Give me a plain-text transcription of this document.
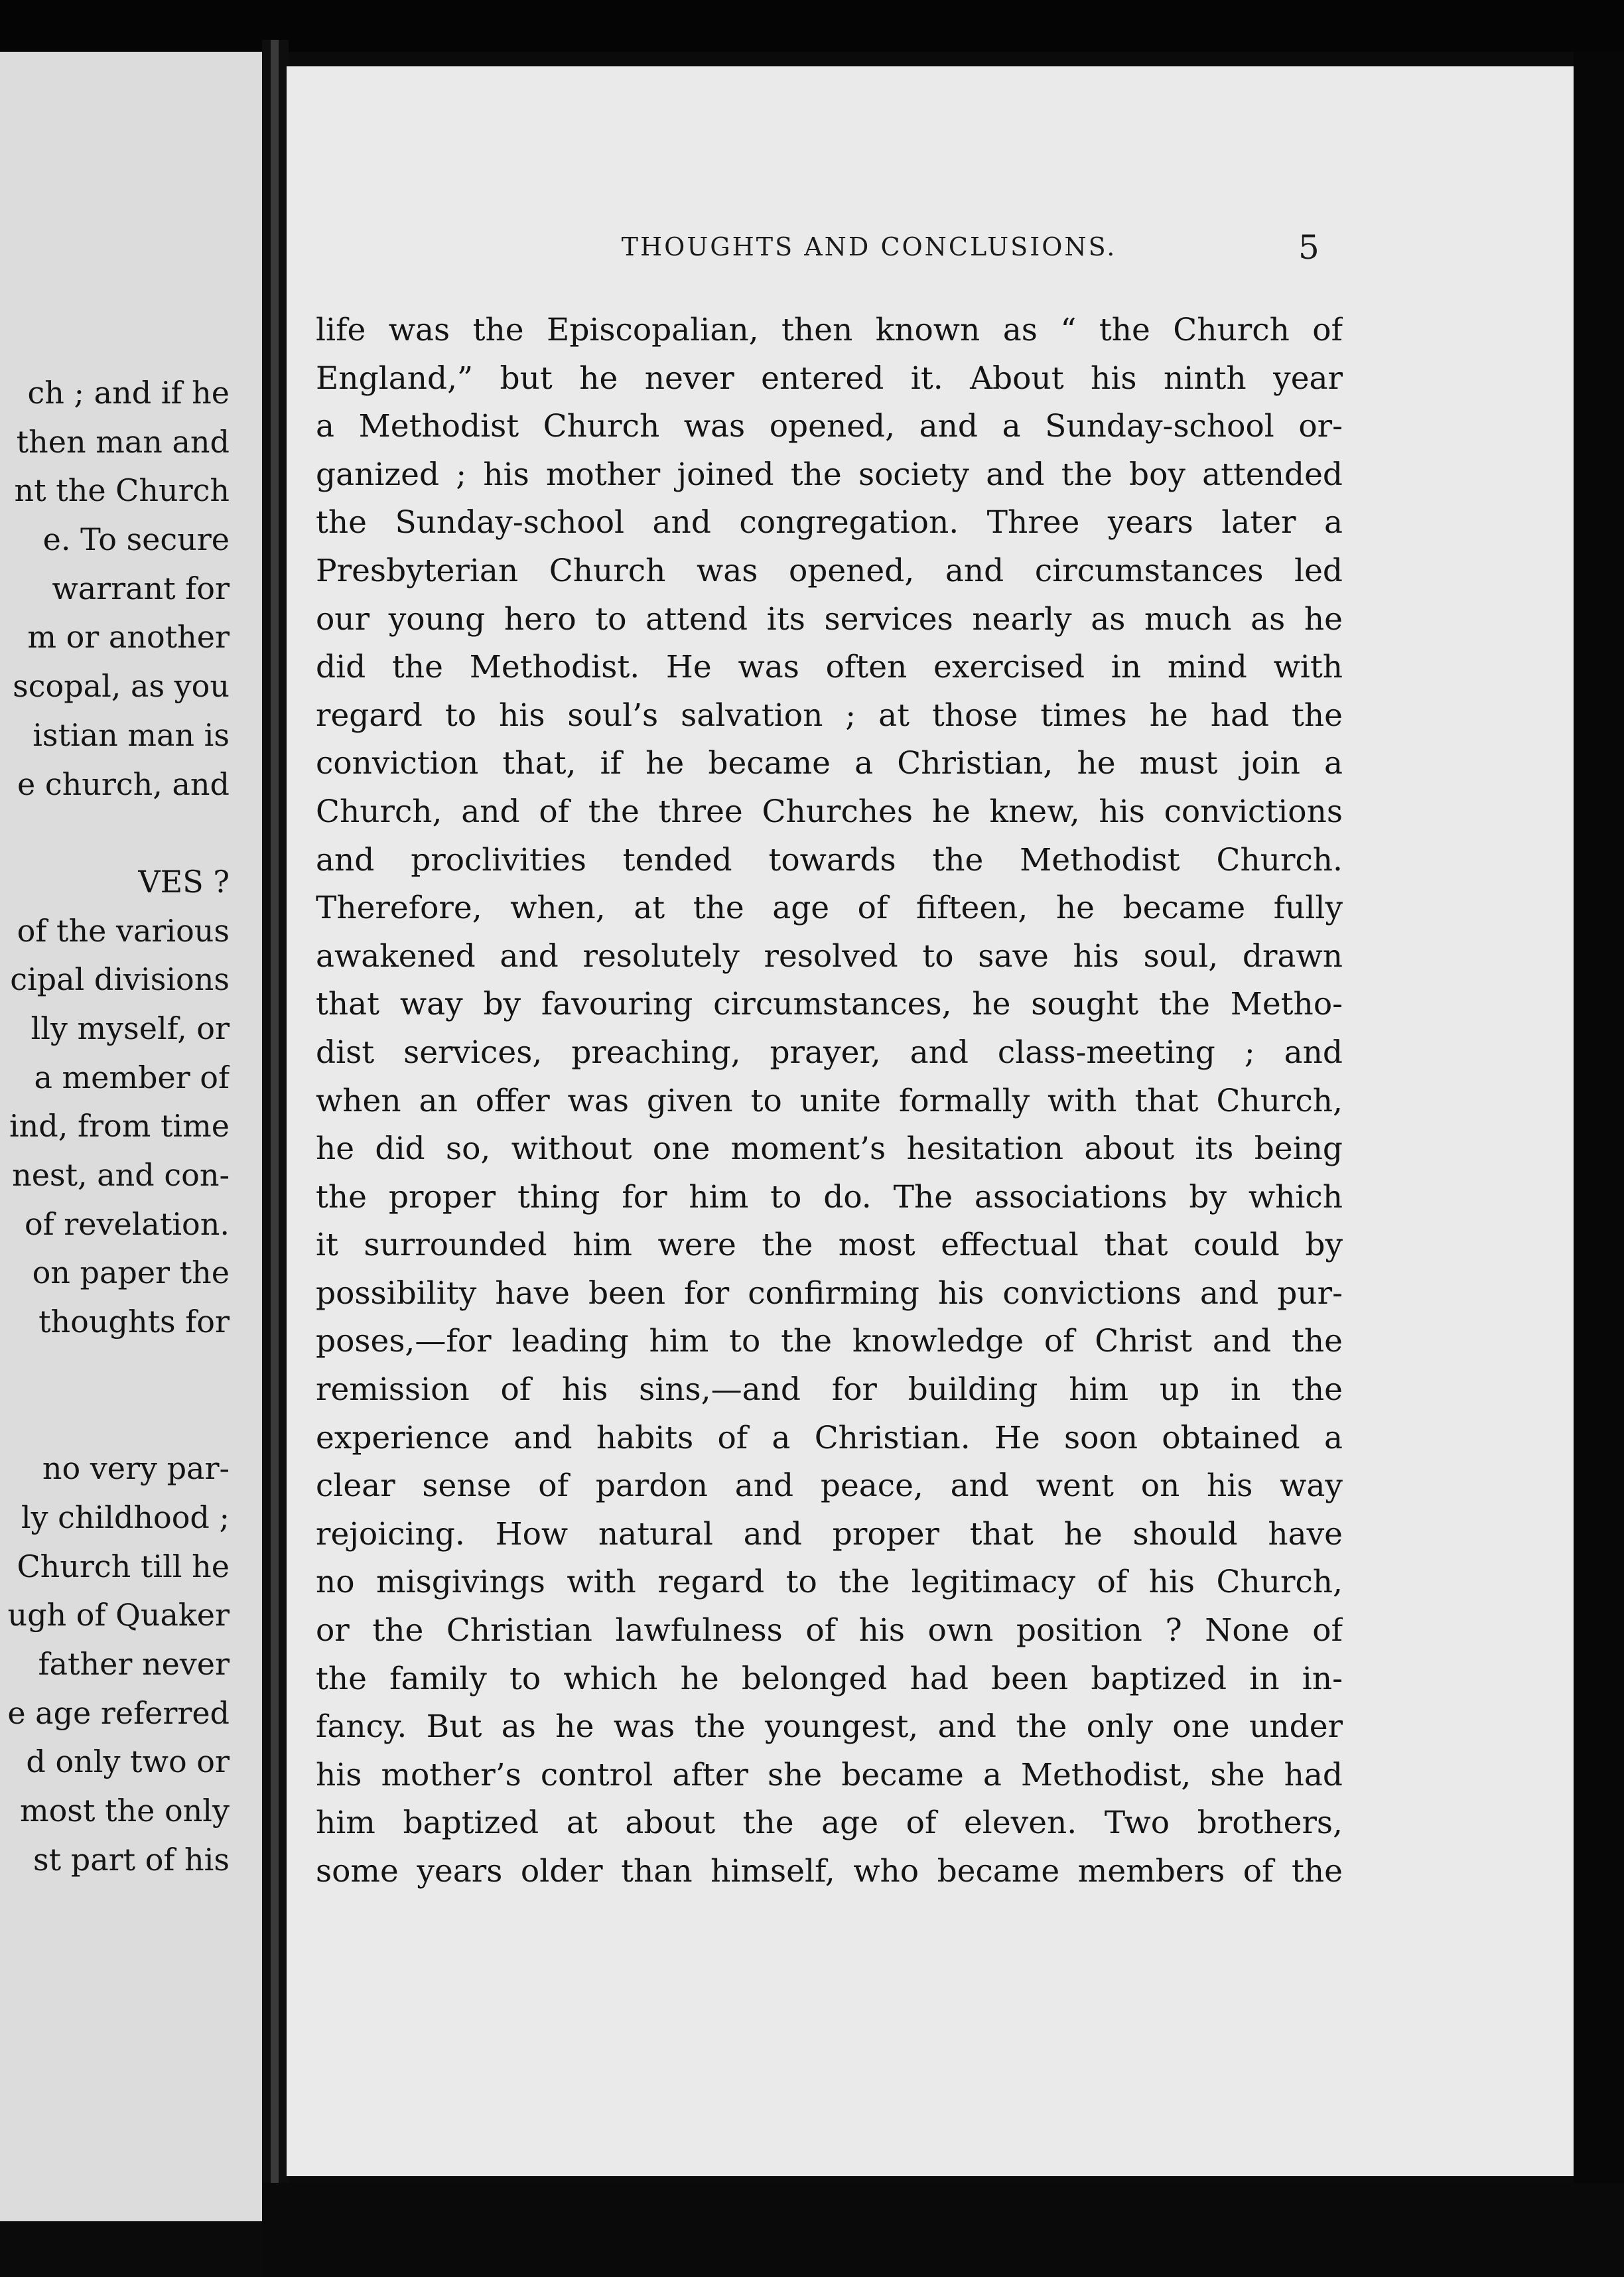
ch ; and if he
then man and
nt the Church
e. To secure
warrant for
m or another
scopal, as you
istian man is
e church, and
VES ?
of the various
cipal divisions
lly myself, or
a member of
ind, from time
nest, and con-
of revelation.
on paper the
thoughts for
no very par-
ly childhood ;
Church till he
ugh of Quaker
father never
e age referred
d only two or
most the only
st part of his
THOUGHTS AND CONCLUSIONS.	5
life was the Episcopalian, then known as “ the Church of
England,” but he never entered it. About his ninth year
a Methodist Church was opened, and a Sunday-school or-
ganized ; his mother joined the society and the boy attended
the Sunday-school and congregation. Three years later a
Presbyterian Church was opened, and circumstances led
our young hero to attend its services nearly as much as he
did the Methodist. He was often exercised in mind with
regard to his soul’s salvation ; at those times he had the
conviction that, if he became a Christian, he must join a
Church, and of the three Churches he knew, his convictions
and proclivities tended towards the Methodist Church.
Therefore, when, at the age of fifteen, he became fully
awakened and resolutely resolved to save his soul, drawn
that way by favouring circumstances, he sought the Metho-
dist services, preaching, prayer, and class-meeting ; and
when an offer was given to unite formally with that Church,
he did so, without one moment’s hesitation about its being
the proper thing for him to do. The associations by which
it surrounded him were the most effectual that could by
possibility have been for confirming his convictions and pur-
poses,—for leading him to the knowledge of Christ and the
remission of his sins,—and for building him up in the
experience and habits of a Christian. He soon obtained a
clear sense of pardon and peace, and went on his way
rejoicing. How natural and proper that he should have
no misgivings with regard to the legitimacy of his Church,
or the Christian lawfulness of his own position ? None of
the family to which he belonged had been baptized in in-
fancy. But as he was the youngest, and the only one under
his mother’s control after she became a Methodist, she had
him baptized at about the age of eleven. Two brothers,
some years older than himself, who became members of the
